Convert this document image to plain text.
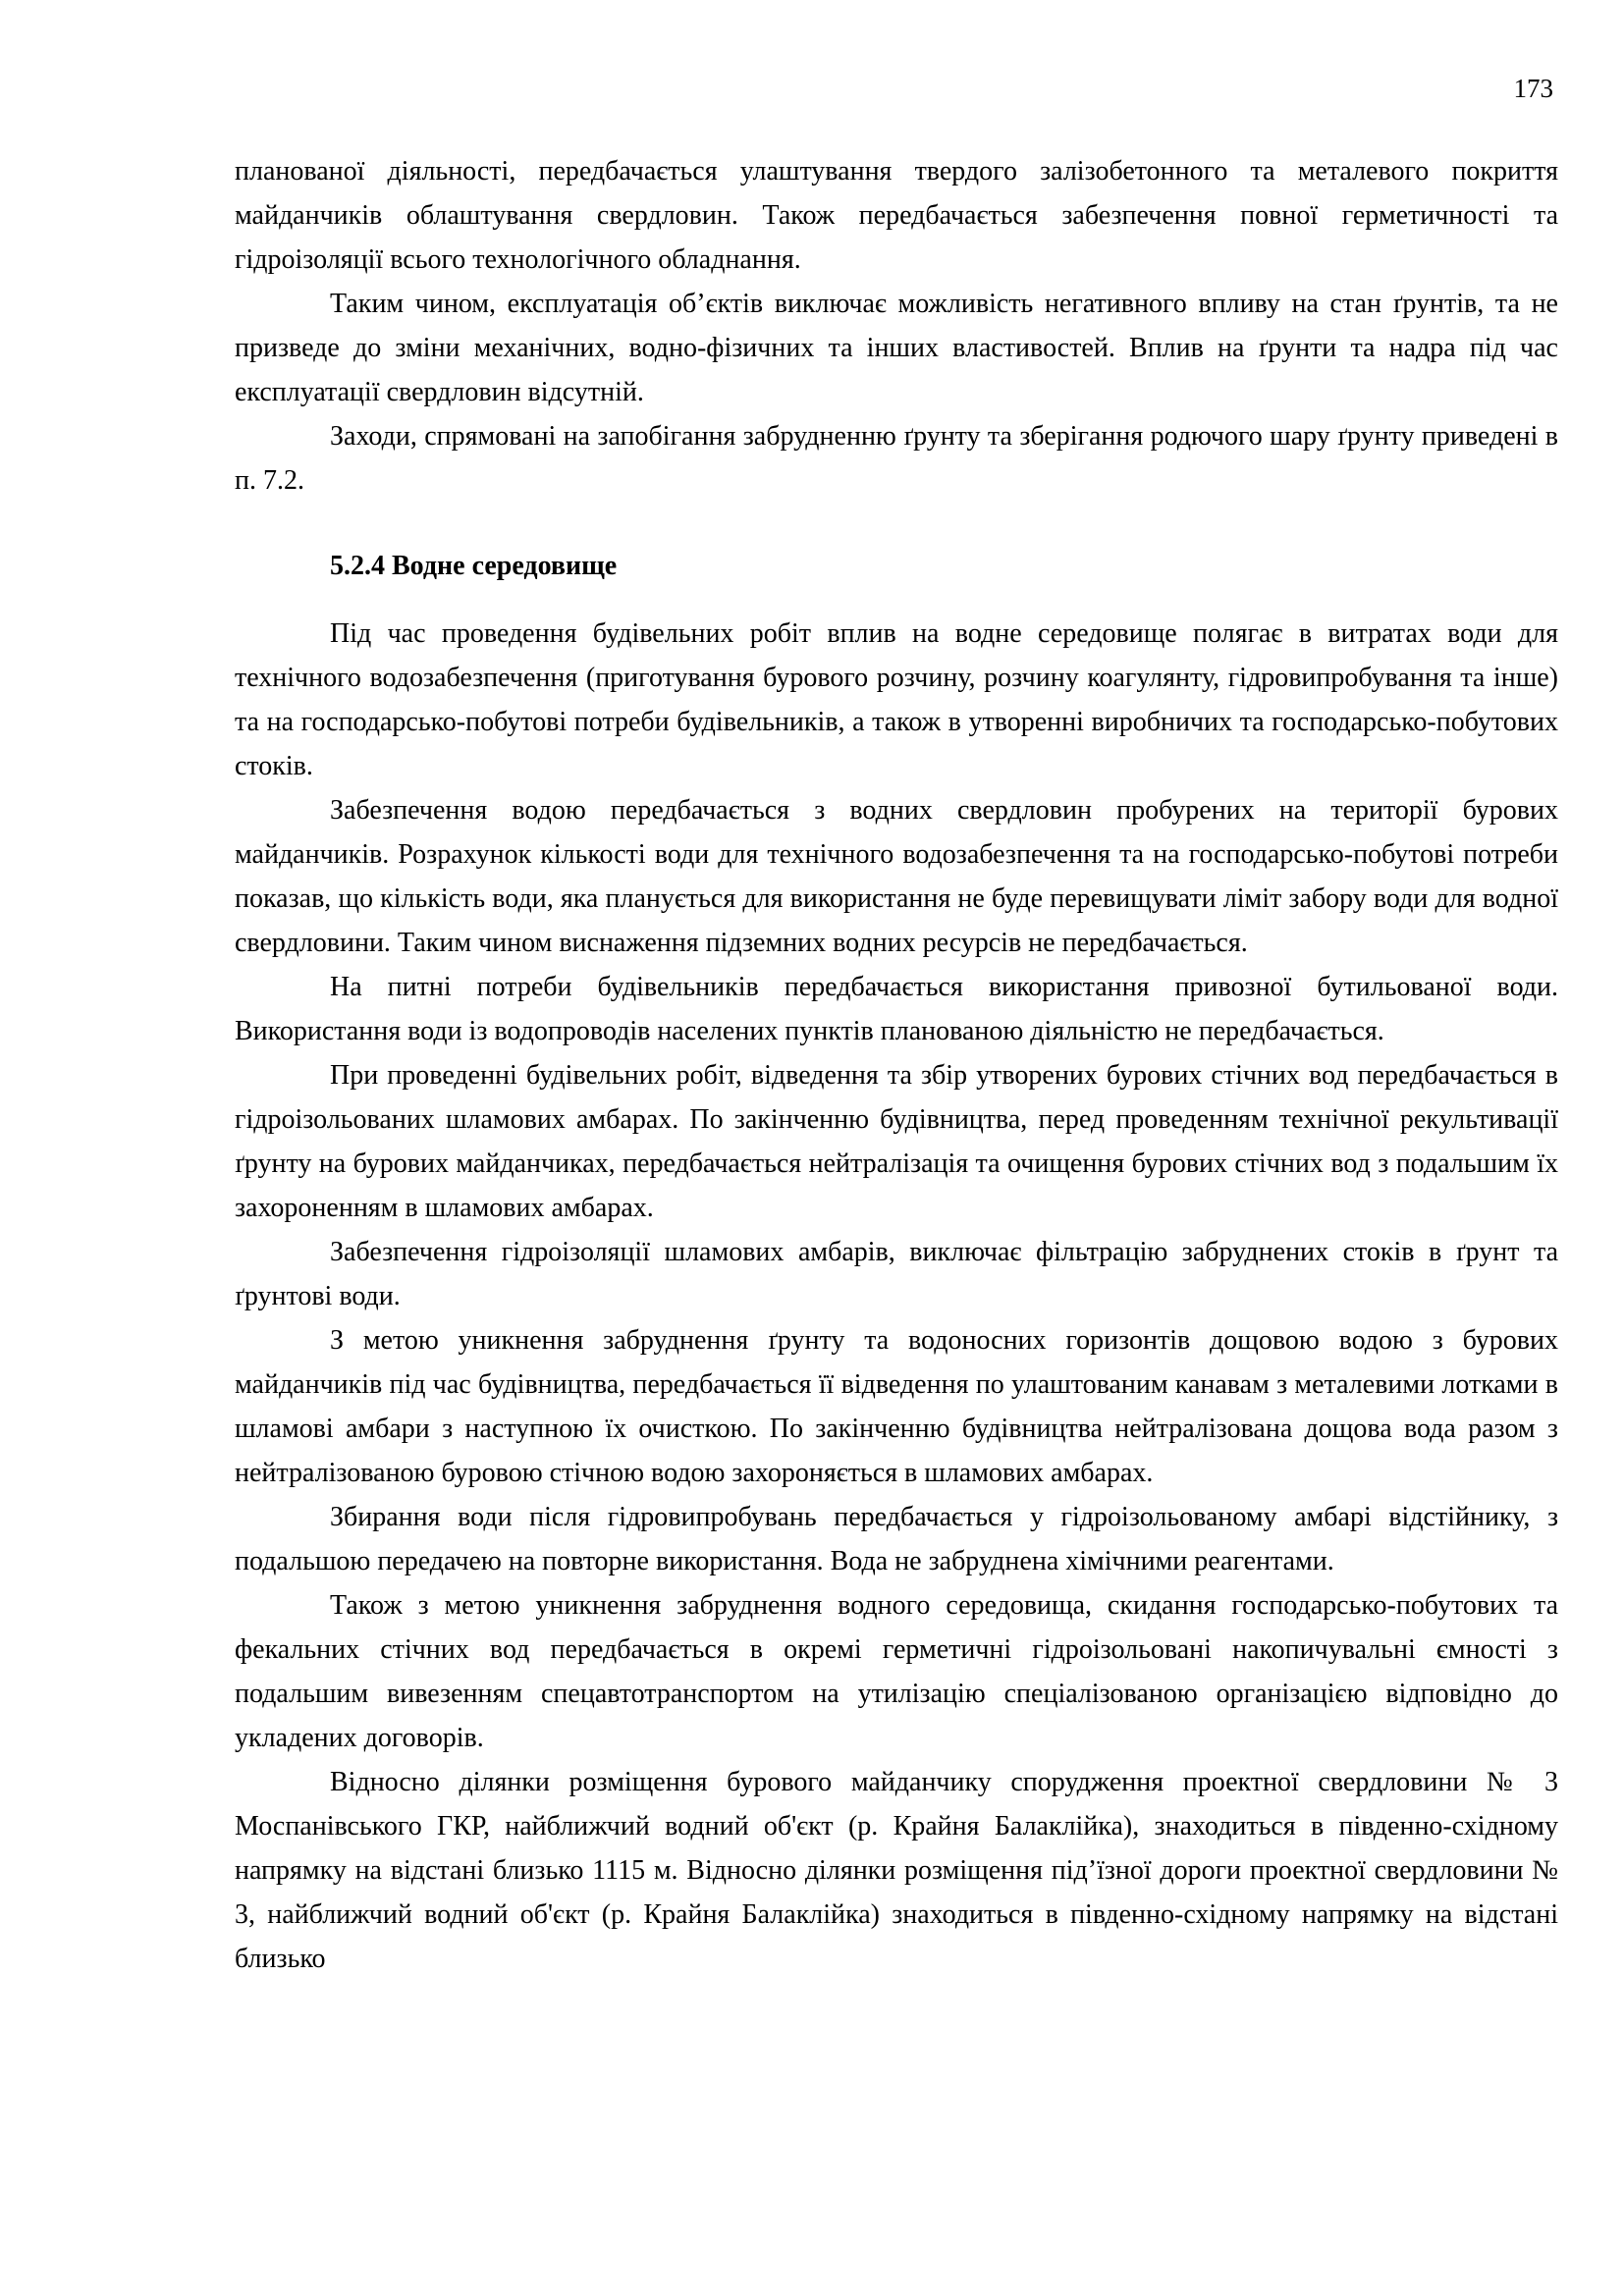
173

планованої діяльності, передбачається улаштування твердого залізобетонного та металевого покриття майданчиків облаштування свердловин. Також передбачається забезпечення повної герметичності та гідроізоляції всього технологічного обладнання.

Таким чином, експлуатація об’єктів виключає можливість негативного впливу на стан ґрунтів, та не призведе до зміни механічних, водно-фізичних та інших властивостей. Вплив на ґрунти та надра під час експлуатації свердловин відсутній.

Заходи, спрямовані на запобігання забрудненню ґрунту та зберігання родючого шару ґрунту приведені в п. 7.2.

5.2.4 Водне середовище

Під час проведення будівельних робіт вплив на водне середовище полягає в витратах води для технічного водозабезпечення (приготування бурового розчину, розчину коагулянту, гідровипробування та інше) та на господарсько-побутові потреби будівельників, а також в утворенні виробничих та господарсько-побутових стоків.

Забезпечення водою передбачається з водних свердловин пробурених на території бурових майданчиків. Розрахунок кількості води для технічного водозабезпечення та на господарсько-побутові потреби показав, що кількість води, яка планується для використання не буде перевищувати ліміт забору води для водної свердловини. Таким чином виснаження підземних водних ресурсів не передбачається.

На питні потреби будівельників передбачається використання привозної бутильованої води. Використання води із водопроводів населених пунктів планованою діяльністю не передбачається.

При проведенні будівельних робіт, відведення та збір утворених бурових стічних вод передбачається в гідроізольованих шламових амбарах. По закінченню будівництва, перед проведенням технічної рекультивації ґрунту на бурових майданчиках, передбачається нейтралізація та очищення бурових стічних вод з подальшим їх захороненням в шламових амбарах.

Забезпечення гідроізоляції шламових амбарів, виключає фільтрацію забруднених стоків в ґрунт та ґрунтові води.

З метою уникнення забруднення ґрунту та водоносних горизонтів дощовою водою з бурових майданчиків під час будівництва, передбачається її відведення по улаштованим канавам з металевими лотками в шламові амбари з наступною їх очисткою. По закінченню будівництва нейтралізована дощова вода разом з нейтралізованою буровою стічною водою захороняється в шламових амбарах.

Збирання води після гідровипробувань передбачається у гідроізольованому амбарі відстійнику, з подальшою передачею на повторне використання. Вода не забруднена хімічними реагентами.

Також з метою уникнення забруднення водного середовища, скидання господарсько-побутових та фекальних стічних вод передбачається в окремі герметичні гідроізольовані накопичувальні ємності з подальшим вивезенням спецавтотранспортом на утилізацію спеціалізованою організацією відповідно до укладених договорів.

Відносно ділянки розміщення бурового майданчику спорудження проектної свердловини № 3 Моспанівського ГКР, найближчий водний об'єкт (р. Крайня Балаклійка), знаходиться в південно-східному напрямку на відстані близько 1115 м. Відносно ділянки розміщення під’їзної дороги проектної свердловини № 3, найближчий водний об'єкт (р. Крайня Балаклійка) знаходиться в південно-східному напрямку на відстані близько
